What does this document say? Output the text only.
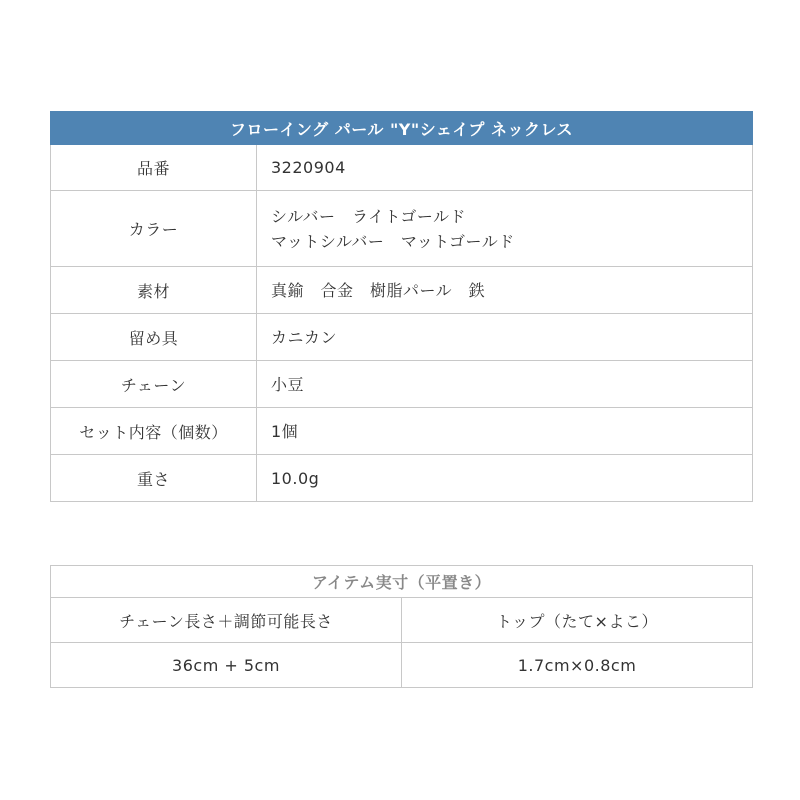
フローイング パール "Y"シェイプ ネックレス	
品番	3220904

カラー	シルバー　ライトゴールド
マットシルバー　マットゴールド

素材	真鍮　合金　樹脂パール　鉄

留め具	カニカン

チェーン	小豆

セット内容（個数）	1個

重さ	10.0g
アイテム実寸（平置き）	
チェーン長さ＋調節可能長さ	トップ（たて×よこ）
36cm + 5cm	1.7cm×0.8cm
